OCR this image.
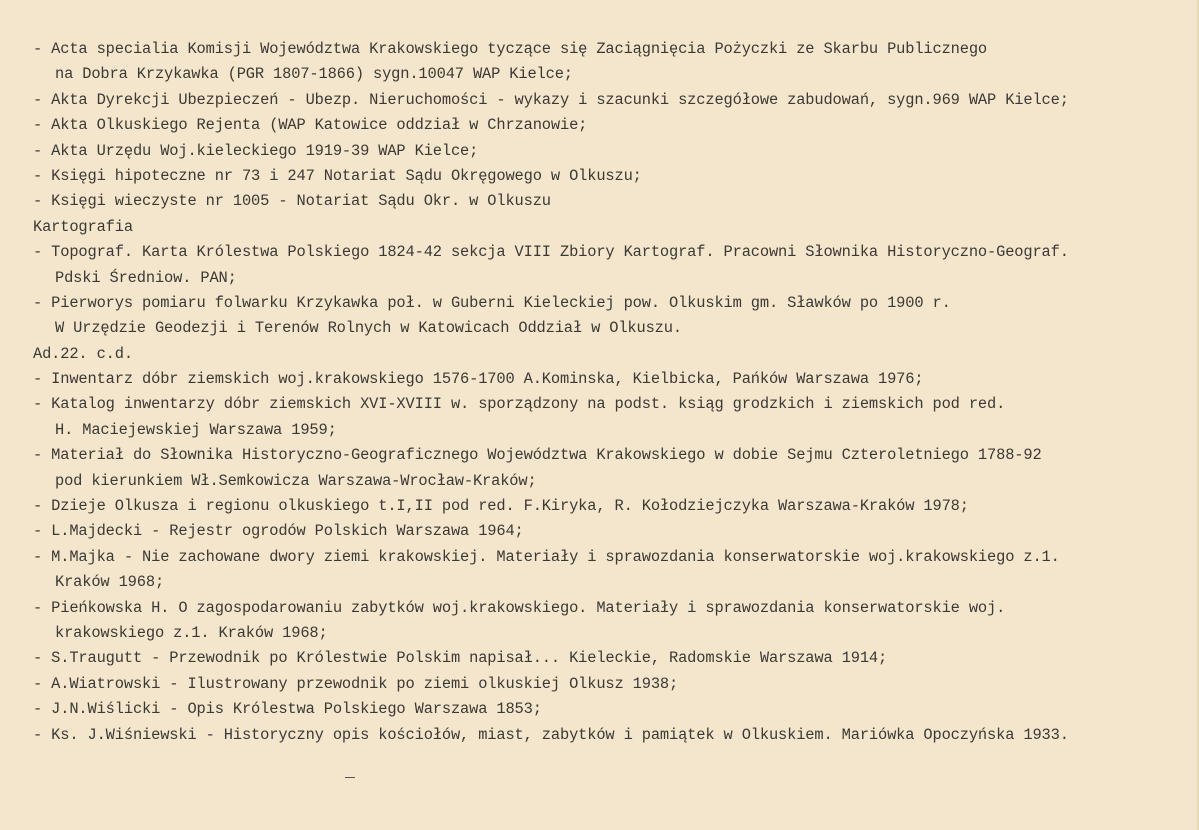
- Acta specialia Komisji Województwa Krakowskiego tyczące się Zaciągnięcia Pożyczki ze Skarbu Publicznego
na Dobra Krzykawka (PGR 1807-1866) sygn.10047 WAP Kielce;
- Akta Dyrekcji Ubezpieczeń - Ubezp. Nieruchomości - wykazy i szacunki szczegółowe zabudowań, sygn.969 WAP Kielce;
- Akta Olkuskiego Rejenta (WAP Katowice oddział w Chrzanowie;
- Akta Urzędu Woj.kieleckiego 1919-39 WAP Kielce;
- Księgi hipoteczne nr 73 i 247 Notariat Sądu Okręgowego w Olkuszu;
- Księgi wieczyste nr 1005 - Notariat Sądu Okr. w Olkuszu
Kartografia
- Topograf. Karta Królestwa Polskiego 1824-42 sekcja VIII Zbiory Kartograf. Pracowni Słownika Historyczno-Geograf.
Pdski Średniow. PAN;
- Pierworys pomiaru folwarku Krzykawka poł. w Guberni Kieleckiej pow. Olkuskim gm. Sławków po 1900 r.
W Urzędzie Geodezji i Terenów Rolnych w Katowicach Oddział w Olkuszu.
Ad.22. c.d.
- Inwentarz dóbr ziemskich woj.krakowskiego 1576-1700 A.Kominska, Kielbicka, Pańków Warszawa 1976;
- Katalog inwentarzy dóbr ziemskich XVI-XVIII w. sporządzony na podst. ksiąg grodzkich i ziemskich pod red.
H. Maciejewskiej Warszawa 1959;
- Materiał do Słownika Historyczno-Geograficznego Województwa Krakowskiego w dobie Sejmu Czteroletniego 1788-92
pod kierunkiem Wł.Semkowicza Warszawa-Wrocław-Kraków;
- Dzieje Olkusza i regionu olkuskiego t.I,II pod red. F.Kiryka, R. Kołodziejczyka Warszawa-Kraków 1978;
- L.Majdecki - Rejestr ogrodów Polskich Warszawa 1964;
- M.Majka - Nie zachowane dwory ziemi krakowskiej. Materiały i sprawozdania konserwatorskie woj.krakowskiego z.1.
Kraków 1968;
- Pieńkowska H. O zagospodarowaniu zabytków woj.krakowskiego. Materiały i sprawozdania konserwatorskie woj.
krakowskiego z.1. Kraków 1968;
- S.Traugutt - Przewodnik po Królestwie Polskim napisał... Kieleckie, Radomskie Warszawa 1914;
- A.Wiatrowski - Ilustrowany przewodnik po ziemi olkuskiej Olkusz 1938;
- J.N.Wiślicki - Opis Królestwa Polskiego Warszawa 1853;
- Ks. J.Wiśniewski - Historyczny opis kościołów, miast, zabytków i pamiątek w Olkuskiem. Mariówka Opoczyńska 1933.
